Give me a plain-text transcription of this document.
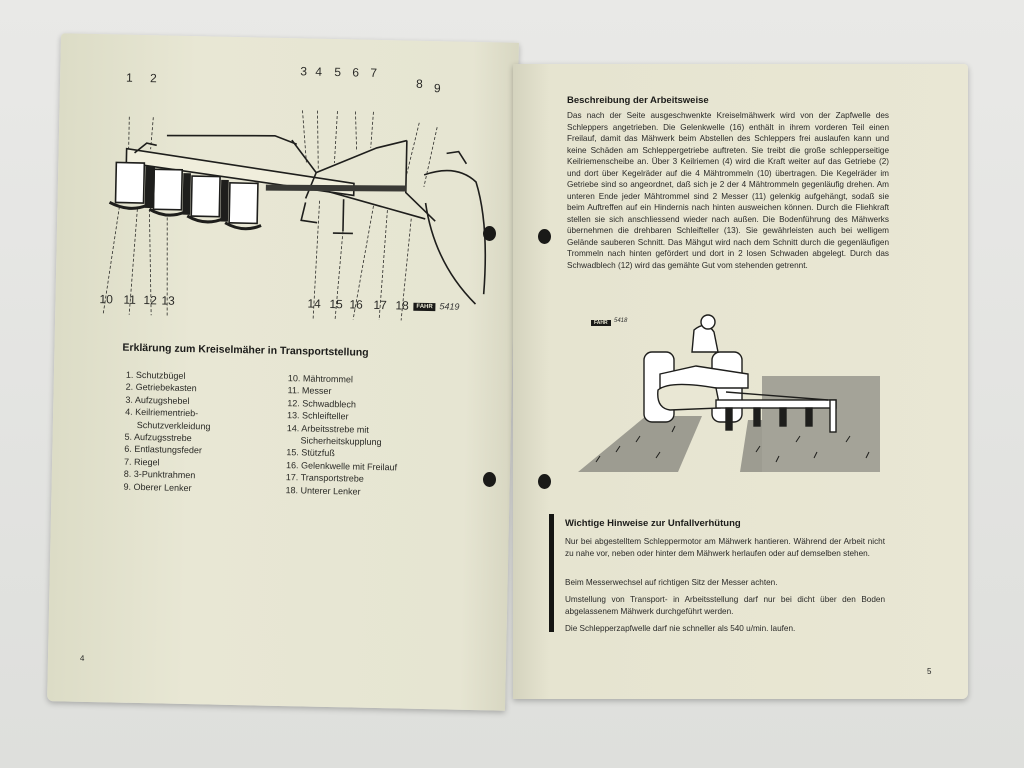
1 2	3 4 5 6 7
8 9
10 11 12 13	14 15 16 17 18	FAHR 5419
Erklärung zum Kreiselmäher in Transportstellung
1. Schutzbügel
2. Getriebekasten
3. Aufzugshebel
4. Keilriementrieb-
Schutzverkleidung
5. Aufzugsstrebe
6. Entlastungsfeder
7. Riegel
8. 3-Punktrahmen
9. Oberer Lenker
10. Mähtrommel
11. Messer
12. Schwadblech
13. Schleifteller
14. Arbeitsstrebe mit
Sicherheitskupplung
15. Stützfuß
16. Gelenkwelle mit Freilauf
17. Transportstrebe
18. Unterer Lenker
4
Beschreibung der Arbeitsweise
Das nach der Seite ausgeschwenkte Kreiselmähwerk wird von der Zapfwelle des Schleppers angetrieben. Die Gelenkwelle (16) enthält in ihrem vorderen Teil einen Freilauf, damit das Mähwerk beim Abstellen des Schleppers frei auslaufen kann und keine Schäden am Schleppergetriebe auftreten. Sie treibt die große schlepperseitige Keilriemenscheibe an. Über 3 Keilriemen (4) wird die Kraft weiter auf das Getriebe (2) und dort über Kegelräder auf die 4 Mähtrommeln (10) übertragen. Die Kegelräder im Getriebe sind so angeordnet, daß sich je 2 der 4 Mähtrommeln gegenläufig drehen. Am unteren Ende jeder Mähtrommel sind 2 Messer (11) gelenkig aufgehängt, sodaß sie beim Auftreffen auf ein Hindernis nach hinten ausweichen können. Durch die Fliehkraft stellen sie sich anschliessend wieder nach außen. Die Bodenführung des Mähwerks übernehmen die drehbaren Schleifteller (13). Sie gewährleisten auch bei welligem Gelände sauberen Schnitt. Das Mähgut wird nach dem Schnitt durch die gegenläufigen Trommeln nach hinten gefördert und dort in 2 losen Schwaden abgelegt. Durch das Schwadblech (12) wird das gemähte Gut vom stehenden getrennt.
FAHR	5418
Wichtige Hinweise zur Unfallverhütung
Nur bei abgestelltem Schleppermotor am Mähwerk hantieren. Während der Arbeit nicht zu nahe vor, neben oder hinter dem Mähwerk herlaufen oder auf demselben stehen.
Beim Messerwechsel auf richtigen Sitz der Messer achten.
Umstellung von Transport- in Arbeitsstellung darf nur bei dicht über den Boden abgelassenem Mähwerk durchgeführt werden.
Die Schlepperzapfwelle darf nie schneller als 540 u/min. laufen.
5
